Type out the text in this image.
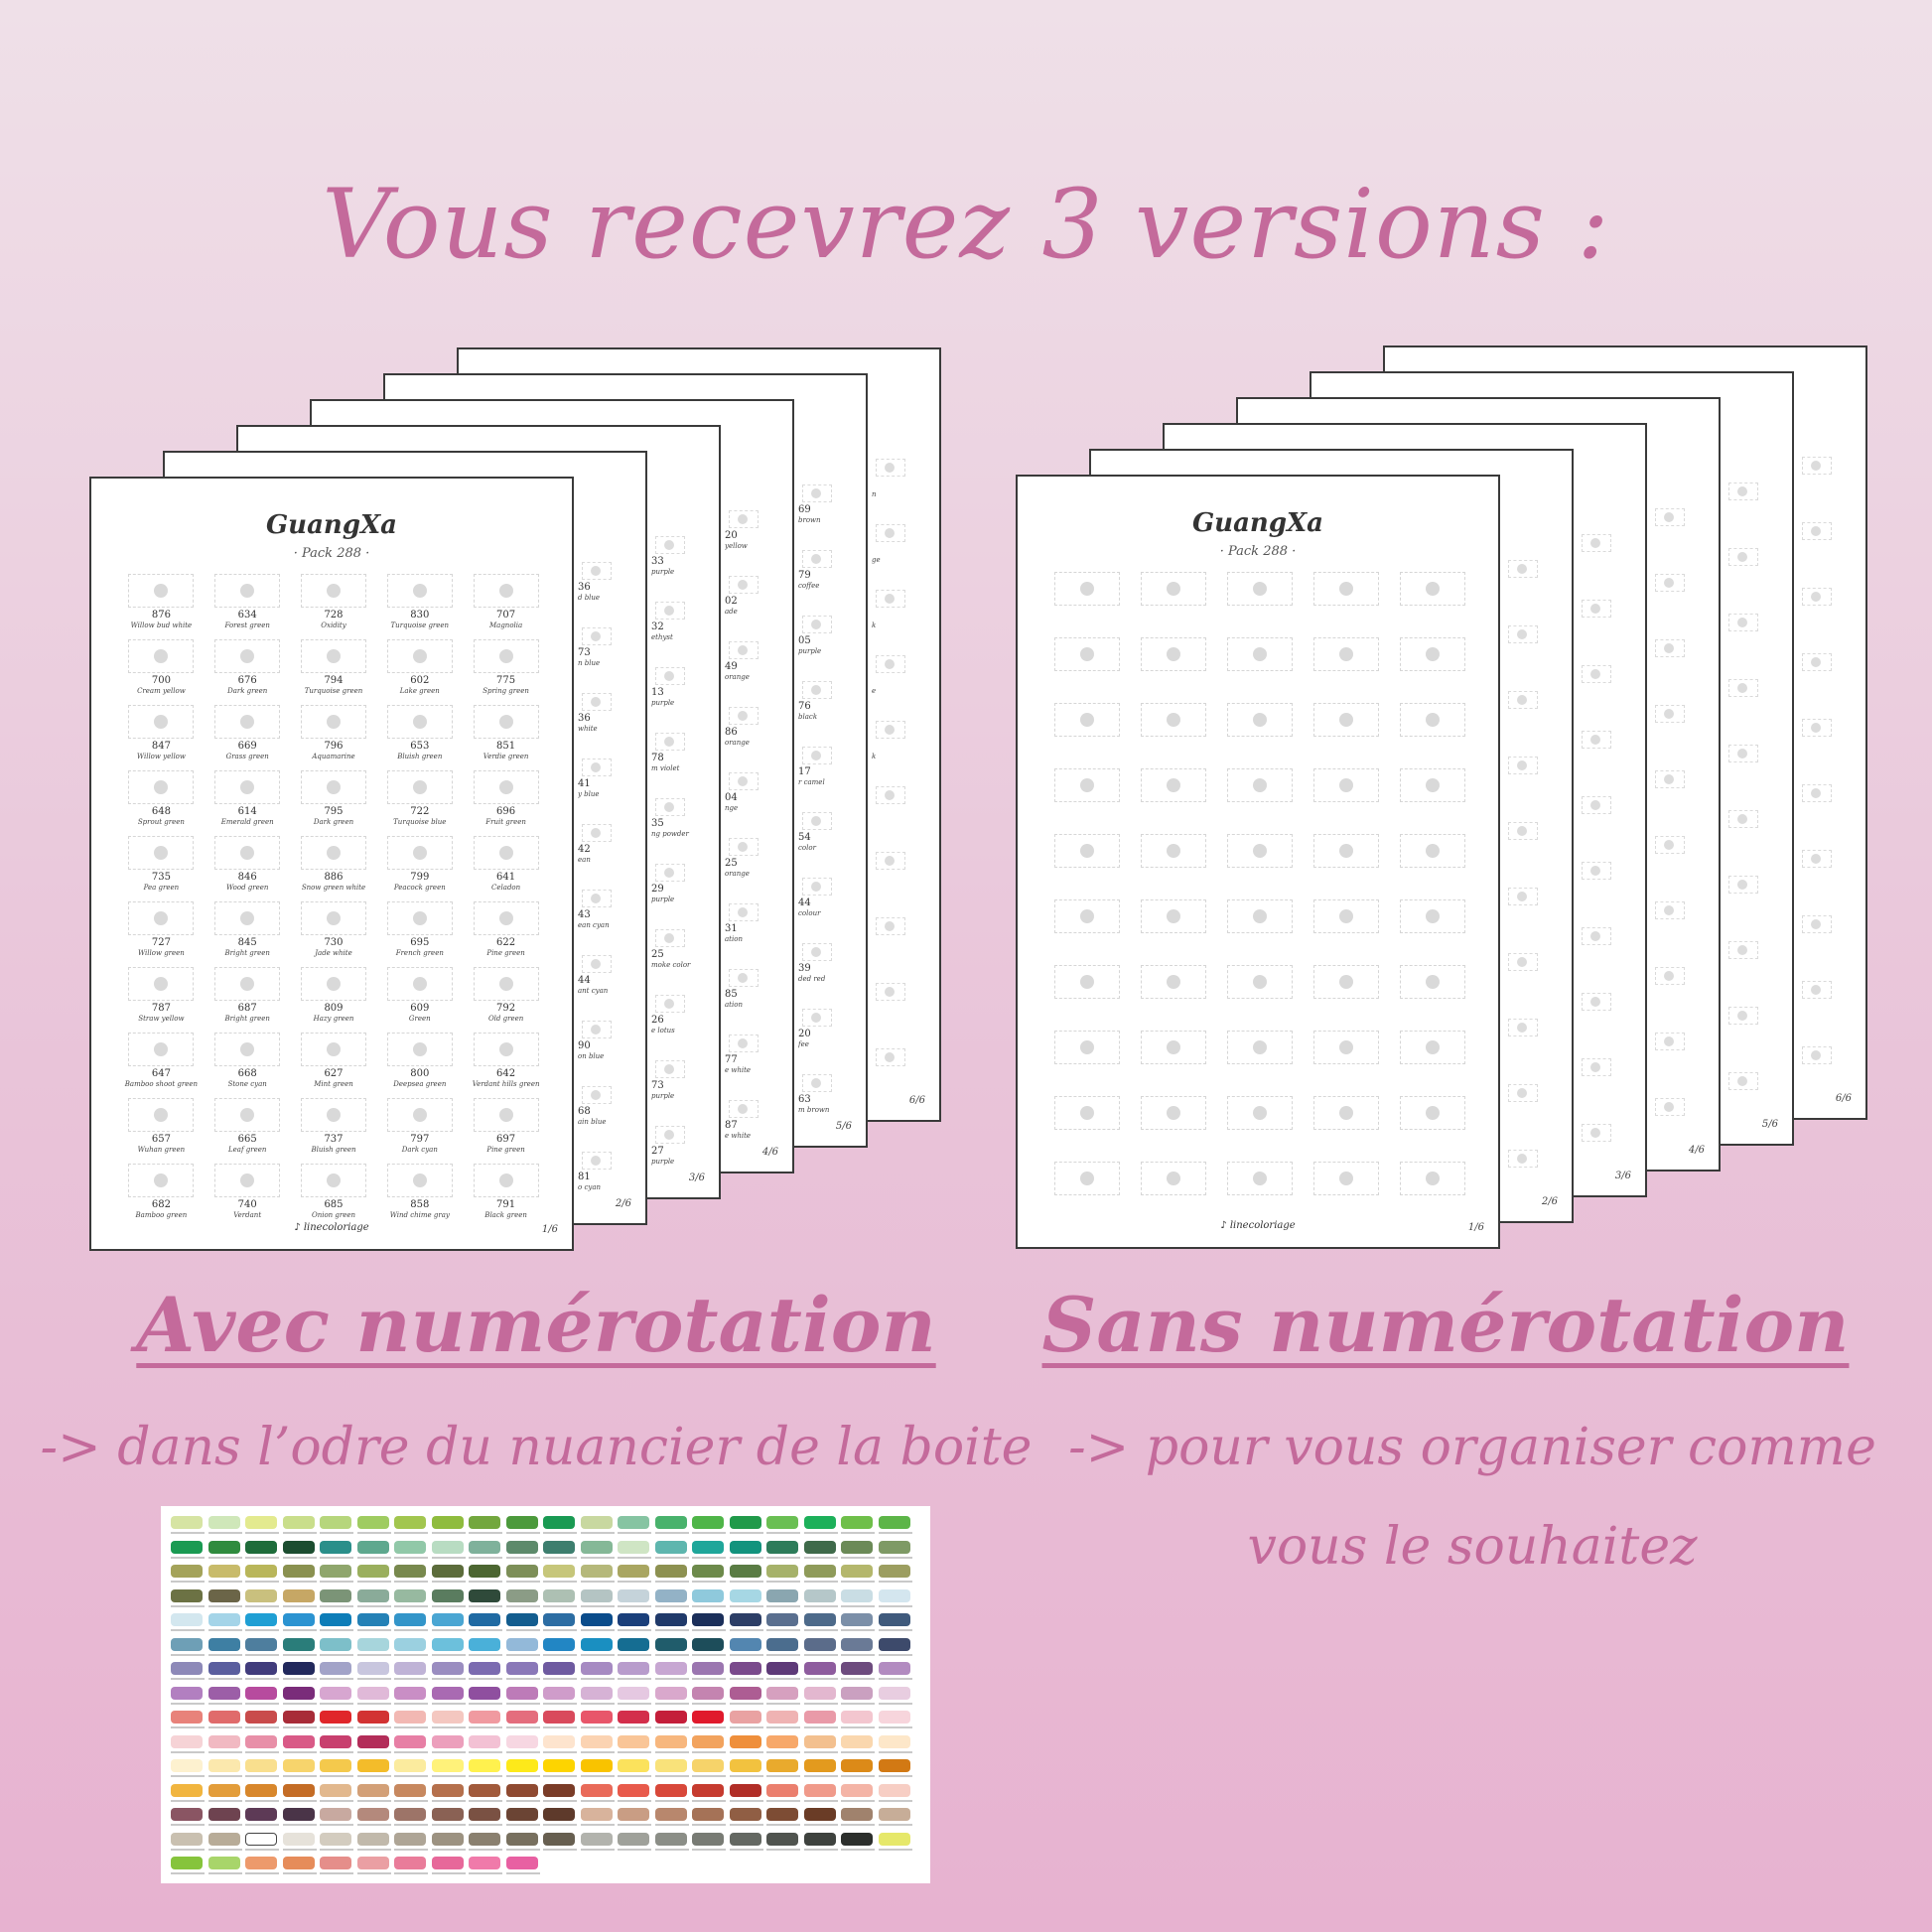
Vous recevrez 3 versions :
6/6
n
ge
k
e
k
5/6
69
brown
79
coffee
05
purple
76
black
17
r camel
54
color
44
colour
39
ded red
20
fee
63
m brown
4/6
20
yellow
02
ade
49
orange
86
orange
04
nge
25
orange
31
ation
85
ation
77
e white
87
e white
3/6
33
purple
32
ethyst
13
purple
78
m violet
35
ng powder
29
purple
25
moke color
26
e lotus
73
purple
27
purple
2/6
36
d blue
73
n blue
36
white
41
y blue
42
ean
43
ean cyan
44
ant cyan
90
on blue
68
ain blue
81
o cyan
GuangXa
· Pack 288 ·
876
Willow bud white
634
Forest green
728
Oxidity
830
Turquoise green
707
Magnolia
700
Cream yellow
676
Dark green
794
Turquoise green
602
Lake green
775
Spring green
847
Willow yellow
669
Grass green
796
Aquamarine
653
Bluish green
851
Verdie green
648
Sprout green
614
Emerald green
795
Dark green
722
Turquoise blue
696
Fruit green
735
Pea green
846
Wood green
886
Snow green white
799
Peacock green
641
Celadon
727
Willow green
845
Bright green
730
Jade white
695
French green
622
Pine green
787
Straw yellow
687
Bright green
809
Hazy green
609
Green
792
Old green
647
Bamboo shoot green
668
Stone cyan
627
Mint green
800
Deepsea green
642
Verdant hills green
657
Wuhan green
665
Leaf green
737
Bluish green
797
Dark cyan
697
Pine green
682
Bamboo green
740
Verdant
685
Onion green
858
Wind chime gray
791
Black green
♪ linecoloriage	1/6
6/6
5/6
4/6
3/6
2/6
GuangXa
· Pack 288 ·
♪ linecoloriage	1/6
Avec numérotation
-> dans l’odre du nuancier de la boite
Sans numérotation
-> pour vous organiser comme
vous le souhaitez
